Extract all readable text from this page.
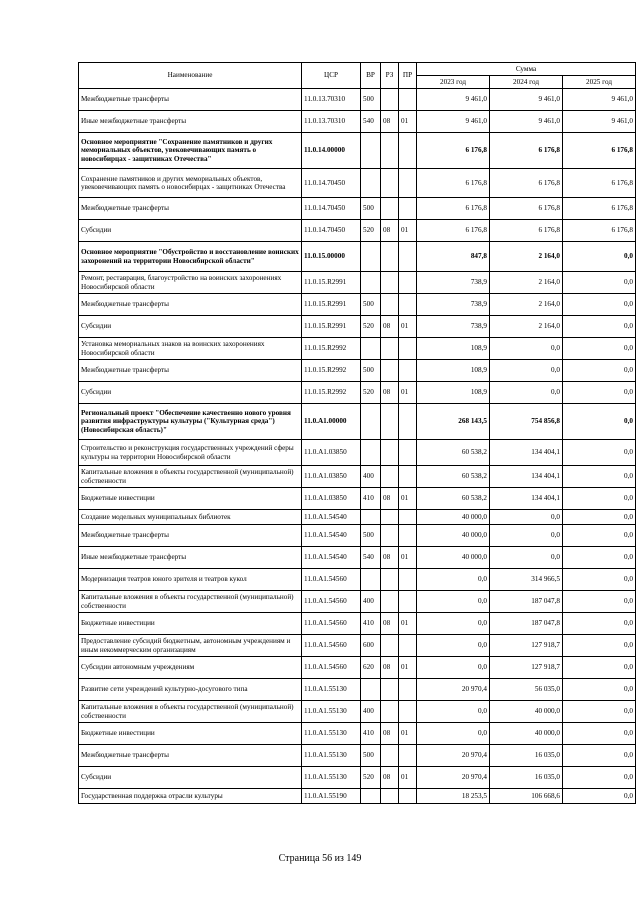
Наименование	ЦСР	ВР	РЗ	ПР	Сумма		
					2023 год	2024 год	2025 год
Межбюджетные трансферты	11.0.13.70310	500			9 461,0	9 461,0	9 461,0
Иные межбюджетные трансферты	11.0.13.70310	540	08	01	9 461,0	9 461,0	9 461,0
Основное мероприятие "Сохранение памятников и других мемориальных объектов, увековечивающих память о новосибирцах - защитниках Отечества"	11.0.14.00000				6 176,8	6 176,8	6 176,8
Сохранение памятников и других мемориальных объектов, увековечивающих память о новосибирцах - защитниках Отечества	11.0.14.70450				6 176,8	6 176,8	6 176,8
Межбюджетные трансферты	11.0.14.70450	500			6 176,8	6 176,8	6 176,8
Субсидии	11.0.14.70450	520	08	01	6 176,8	6 176,8	6 176,8
Основное мероприятие "Обустройство и восстановление воинских захоронений на территории Новосибирской области"	11.0.15.00000				847,8	2 164,0	0,0
Ремонт, реставрация, благоустройство на воинских захоронениях Новосибирской области	11.0.15.R2991				738,9	2 164,0	0,0
Межбюджетные трансферты	11.0.15.R2991	500			738,9	2 164,0	0,0
Субсидии	11.0.15.R2991	520	08	01	738,9	2 164,0	0,0
Установка мемориальных знаков на воинских захоронениях Новосибирской области	11.0.15.R2992				108,9	0,0	0,0
Межбюджетные трансферты	11.0.15.R2992	500			108,9	0,0	0,0
Субсидии	11.0.15.R2992	520	08	01	108,9	0,0	0,0
Региональный проект "Обеспечение качественно нового уровня развития инфраструктуры культуры ("Культурная среда") (Новосибирская область)"	11.0.A1.00000				268 143,5	754 856,8	0,0
Строительство и реконструкция государственных учреждений сферы культуры на территории Новосибирской области	11.0.A1.03850				60 538,2	134 404,1	0,0
Капитальные вложения в объекты государственной (муниципальной) собственности	11.0.A1.03850	400			60 538,2	134 404,1	0,0
Бюджетные инвестиции	11.0.A1.03850	410	08	01	60 538,2	134 404,1	0,0
Создание модельных муниципальных библиотек	11.0.A1.54540				40 000,0	0,0	0,0
Межбюджетные трансферты	11.0.A1.54540	500			40 000,0	0,0	0,0
Иные межбюджетные трансферты	11.0.A1.54540	540	08	01	40 000,0	0,0	0,0
Модернизация театров юного зрителя и театров кукол	11.0.A1.54560				0,0	314 966,5	0,0
Капитальные вложения в объекты государственной (муниципальной) собственности	11.0.A1.54560	400			0,0	187 047,8	0,0
Бюджетные инвестиции	11.0.A1.54560	410	08	01	0,0	187 047,8	0,0
Предоставление субсидий бюджетным, автономным учреждениям и иным некоммерческим организациям	11.0.A1.54560	600			0,0	127 918,7	0,0
Субсидии автономным учреждениям	11.0.A1.54560	620	08	01	0,0	127 918,7	0,0
Развитие сети учреждений культурно-досугового типа	11.0.A1.55130				20 970,4	56 035,0	0,0
Капитальные вложения в объекты государственной (муниципальной) собственности	11.0.A1.55130	400			0,0	40 000,0	0,0
Бюджетные инвестиции	11.0.A1.55130	410	08	01	0,0	40 000,0	0,0
Межбюджетные трансферты	11.0.A1.55130	500			20 970,4	16 035,0	0,0
Субсидии	11.0.A1.55130	520	08	01	20 970,4	16 035,0	0,0
Государственная поддержка отрасли культуры	11.0.A1.55190				18 253,5	106 668,6	0,0
Страница 56 из 149
